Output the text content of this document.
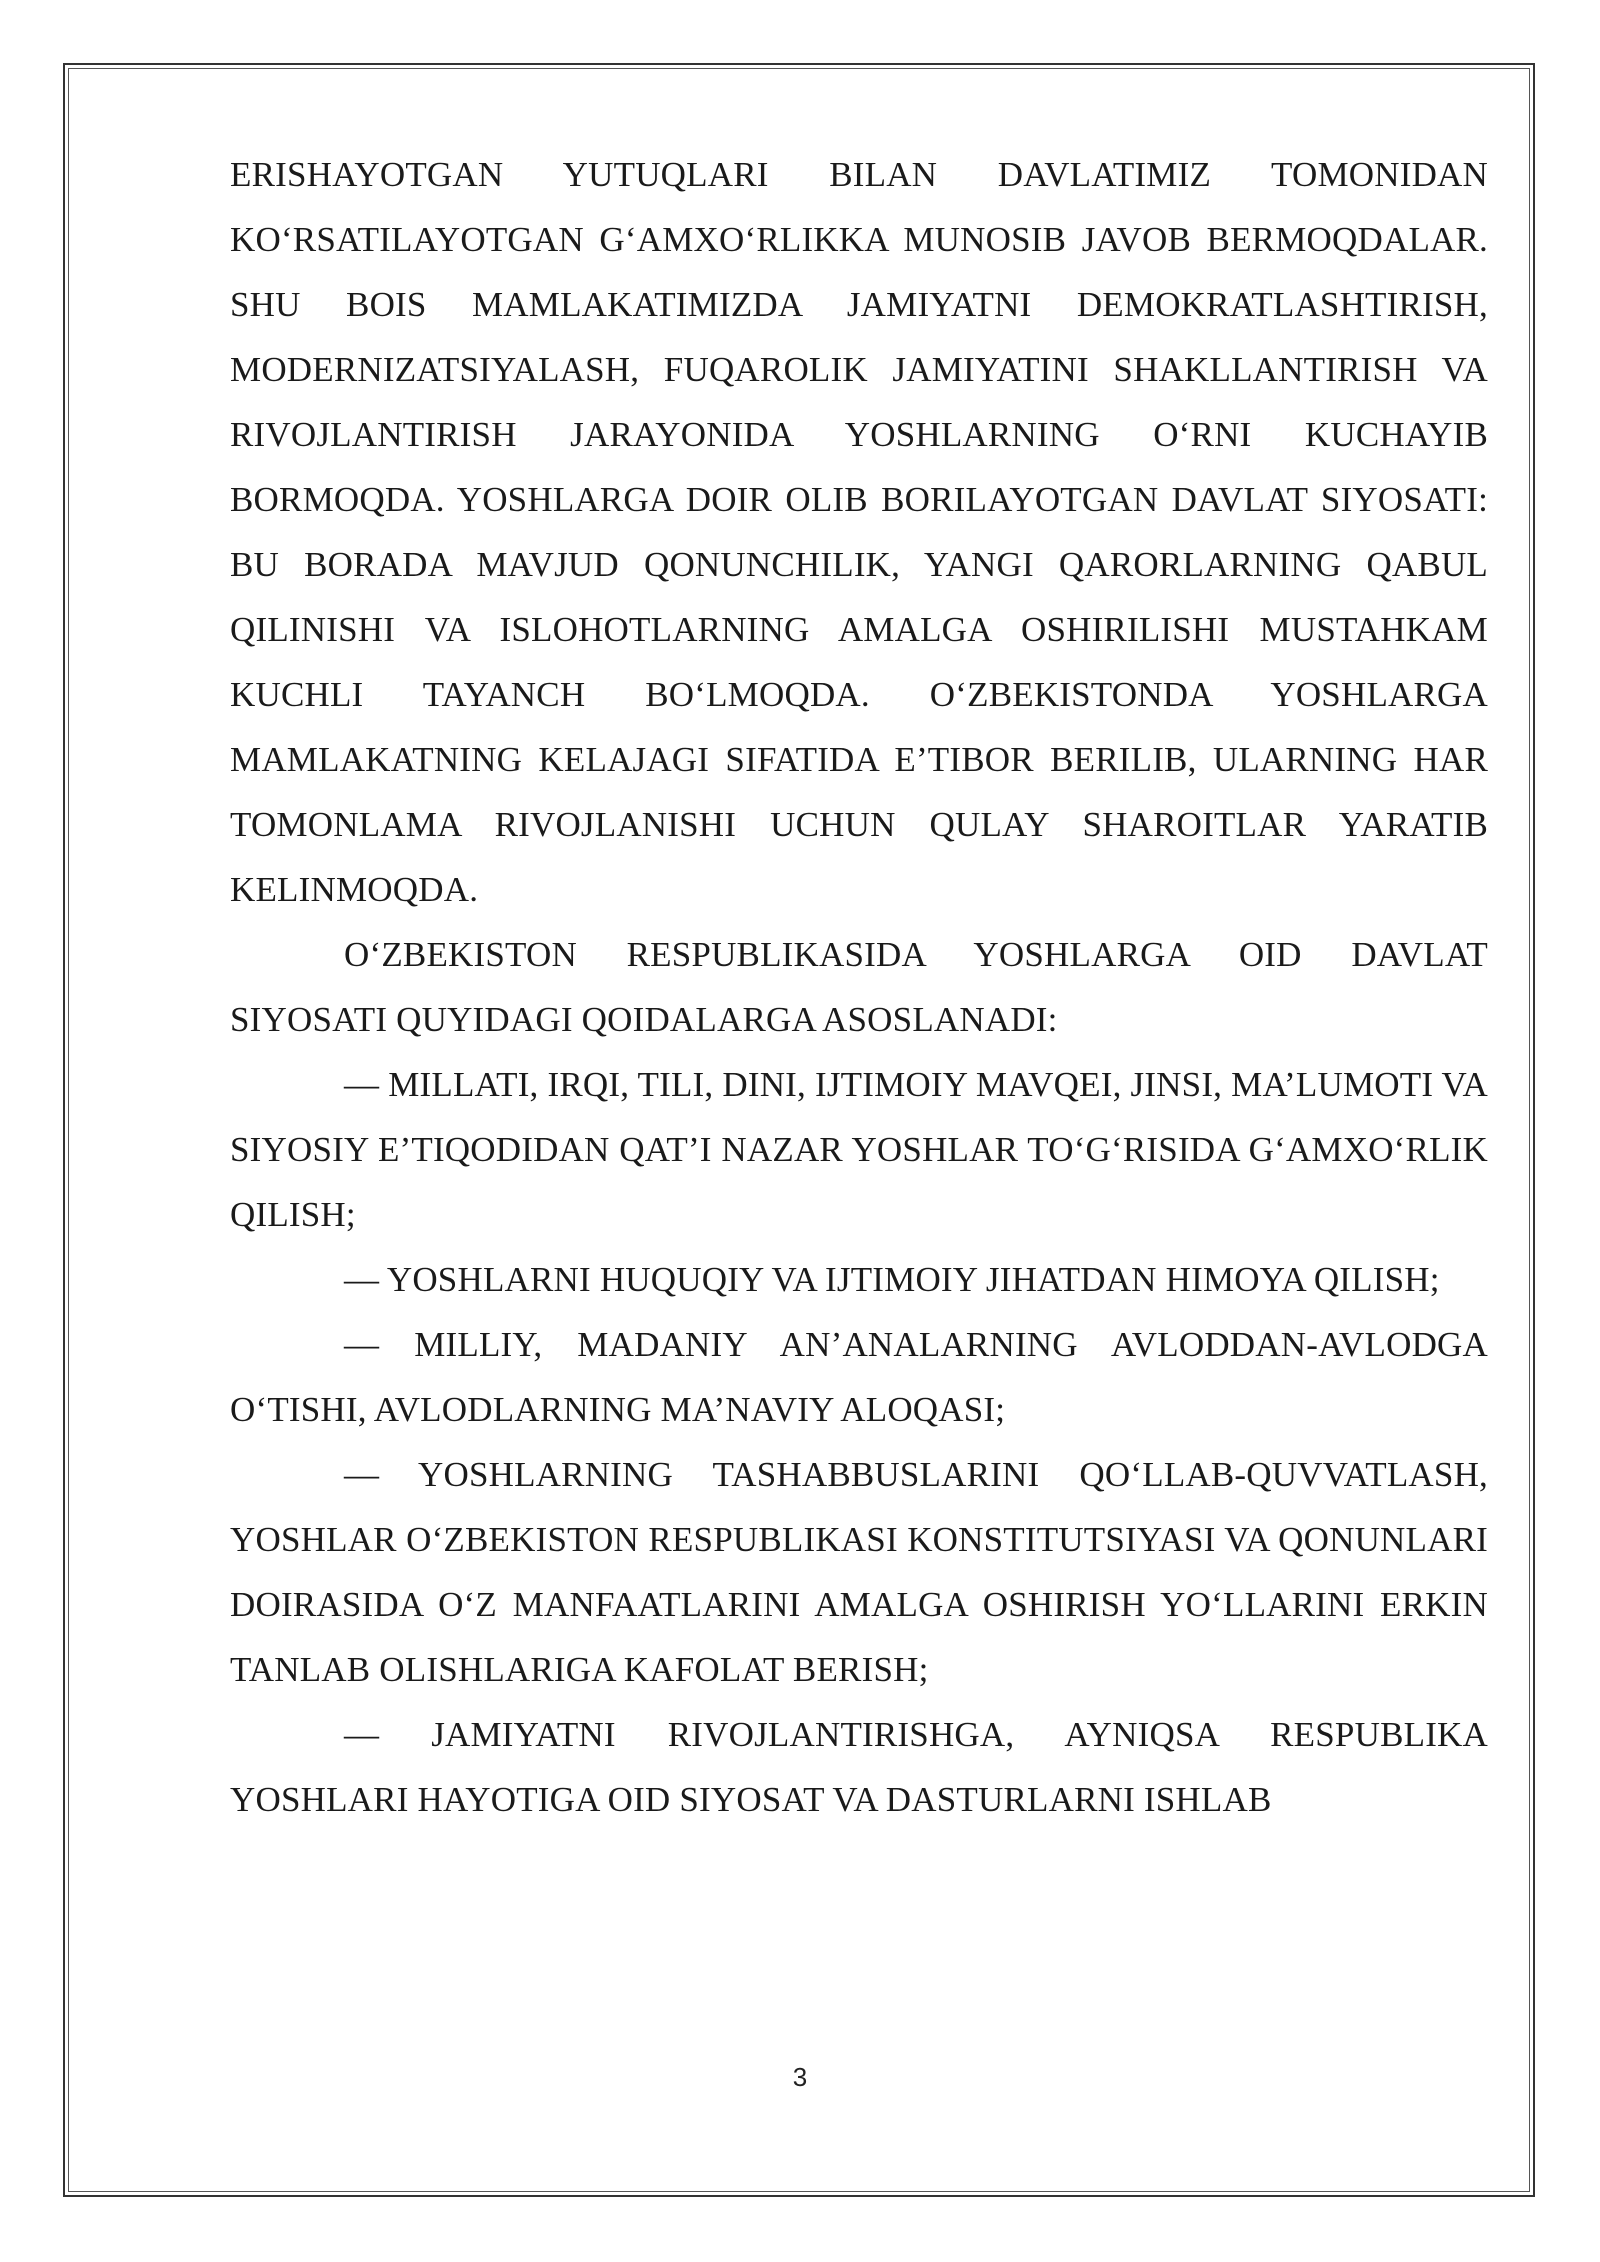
ERISHAYOTGAN YUTUQLARI BILAN DAVLATIMIZ TOMONIDAN KO‘RSATILAYOTGAN G‘AMXO‘RLIKKA MUNOSIB JAVOB BERMOQDALAR. SHU BOIS MAMLAKATIMIZDA JAMIYATNI DEMOKRATLASHTIRISH, MODERNIZATSIYALASH, FUQAROLIK JAMIYATINI SHAKLLANTIRISH VA RIVOJLANTIRISH JARAYONIDA YOSHLARNING O‘RNI KUCHAYIB BORMOQDA. YOSHLARGA DOIR OLIB BORILAYOTGAN DAVLAT SIYOSATI: BU BORADA MAVJUD QONUNCHILIK, YANGI QARORLARNING QABUL QILINISHI VA ISLOHOTLARNING AMALGA OSHIRILISHI MUSTAHKAM KUCHLI TAYANCH BO‘LMOQDA. O‘ZBEKISTONDA YOSHLARGA MAMLAKATNING KELAJAGI SIFATIDA E’TIBOR BERILIB, ULARNING HAR TOMONLAMA RIVOJLANISHI UCHUN QULAY SHAROITLAR YARATIB KELINMOQDA.

O‘ZBEKISTON RESPUBLIKASIDA YOSHLARGA OID DAVLAT SIYOSATI QUYIDAGI QOIDALARGA ASOSLANADI:

— MILLATI, IRQI, TILI, DINI, IJTIMOIY MAVQEI, JINSI, MA’LUMOTI VA SIYOSIY E’TIQODIDAN QAT’I NAZAR YOSHLAR TO‘G‘RISIDA G‘AMXO‘RLIK QILISH;

— YOSHLARNI HUQUQIY VA IJTIMOIY JIHATDAN HIMOYA QILISH;

— MILLIY, MADANIY AN’ANALARNING AVLODDAN-AVLODGA O‘TISHI, AVLODLARNING MA’NAVIY ALOQASI;

— YOSHLARNING TASHABBUSLARINI QO‘LLAB-QUVVATLASH, YOSHLAR O‘ZBEKISTON RESPUBLIKASI KONSTITUTSIYASI VA QONUNLARI DOIRASIDA O‘Z MANFAATLARINI AMALGA OSHIRISH YO‘LLARINI ERKIN TANLAB OLISHLARIGA KAFOLAT BERISH;

— JAMIYATNI RIVOJLANTIRISHGA, AYNIQSA RESPUBLIKA YOSHLARI HAYOTIGA OID SIYOSAT VA DASTURLARNI ISHLAB

3
